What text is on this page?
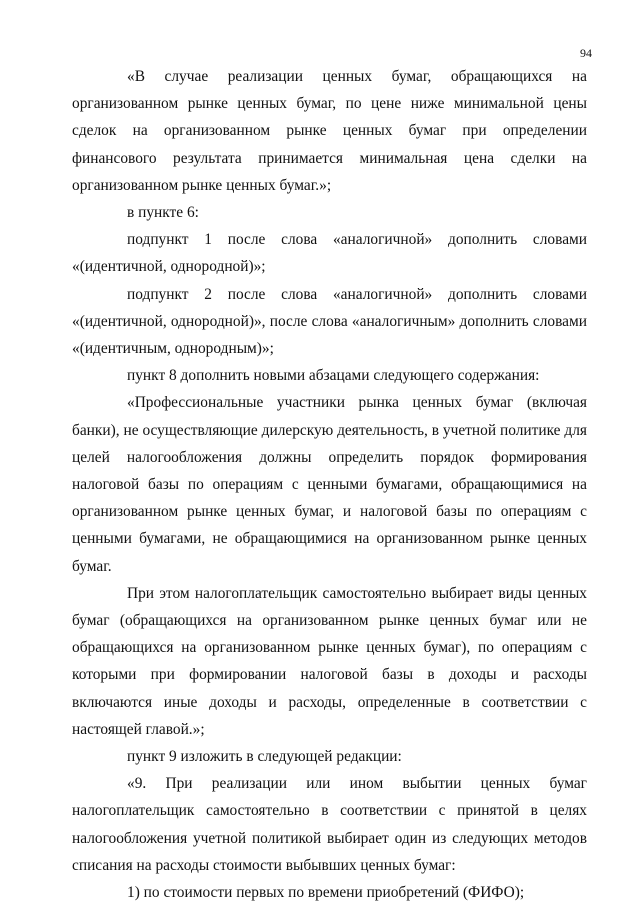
94

«В случае реализации ценных бумаг, обращающихся на организованном рынке ценных бумаг, по цене ниже минимальной цены сделок на организованном рынке ценных бумаг при определении финансового результата принимается минимальная цена сделки на организованном рынке ценных бумаг.»;

в пункте 6:

подпункт 1 после слова «аналогичной» дополнить словами «(идентичной, однородной)»;

подпункт 2 после слова «аналогичной» дополнить словами «(идентичной, однородной)», после слова «аналогичным» дополнить словами «(идентичным, однородным)»;

пункт 8 дополнить новыми абзацами следующего содержания:

«Профессиональные участники рынка ценных бумаг (включая банки), не осуществляющие дилерскую деятельность, в учетной политике для целей налогообложения должны определить порядок формирования налоговой базы по операциям с ценными бумагами, обращающимися на организованном рынке ценных бумаг, и налоговой базы по операциям с ценными бумагами, не обращающимися на организованном рынке ценных бумаг.

При этом налогоплательщик самостоятельно выбирает виды ценных бумаг (обращающихся на организованном рынке ценных бумаг или не обращающихся на организованном рынке ценных бумаг), по операциям с которыми при формировании налоговой базы в доходы и расходы включаются иные доходы и расходы, определенные в соответствии с настоящей главой.»;

пункт 9 изложить в следующей редакции:

«9. При реализации или ином выбытии ценных бумаг налогоплательщик самостоятельно в соответствии с принятой в целях налогообложения учетной политикой выбирает один из следующих методов списания на расходы стоимости выбывших ценных бумаг:

1) по стоимости первых по времени приобретений (ФИФО);
